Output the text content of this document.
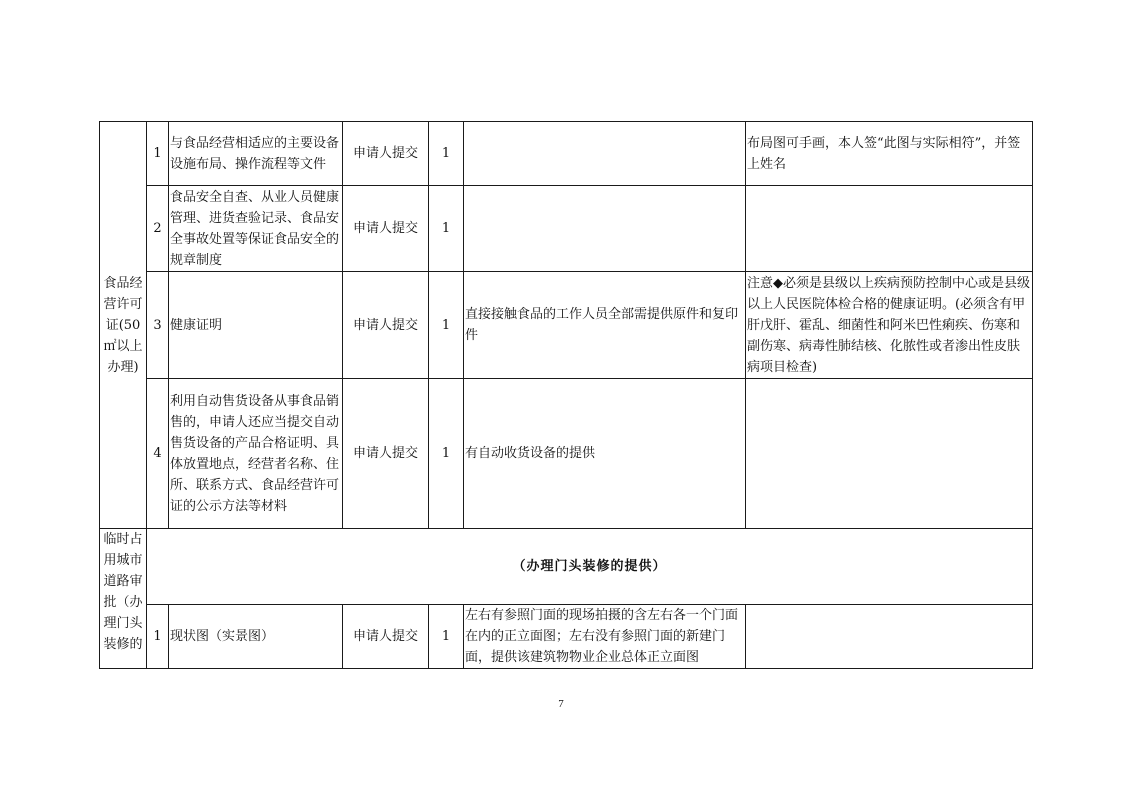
食品经营许可证(50㎡以上办理)	1	与食品经营相适应的主要设备设施布局、操作流程等文件	申请人提交	1		布局图可手画，本人签“此图与实际相符”，并签上姓名
	2	食品安全自查、从业人员健康管理、进货查验记录、食品安全事故处置等保证食品安全的规章制度	申请人提交	1		
	3	健康证明	申请人提交	1	直接接触食品的工作人员全部需提供原件和复印件	注意◆必须是县级以上疾病预防控制中心或是县级以上人民医院体检合格的健康证明。(必须含有甲肝戊肝、霍乱、细菌性和阿米巴性痢疾、伤寒和副伤寒、病毒性肺结核、化脓性或者渗出性皮肤病项目检查)
	4	利用自动售货设备从事食品销售的，申请人还应当提交自动售货设备的产品合格证明、具体放置地点，经营者名称、住所、联系方式、食品经营许可证的公示方法等材料	申请人提交	1	有自动收货设备的提供	
临时占用城市道路审批（办理门头装修的	（办理门头装修的提供）					
	1	现状图（实景图）	申请人提交	1	左右有参照门面的现场拍摄的含左右各一个门面在内的正立面图；左右没有参照门面的新建门面，提供该建筑物物业企业总体正立面图	
7
